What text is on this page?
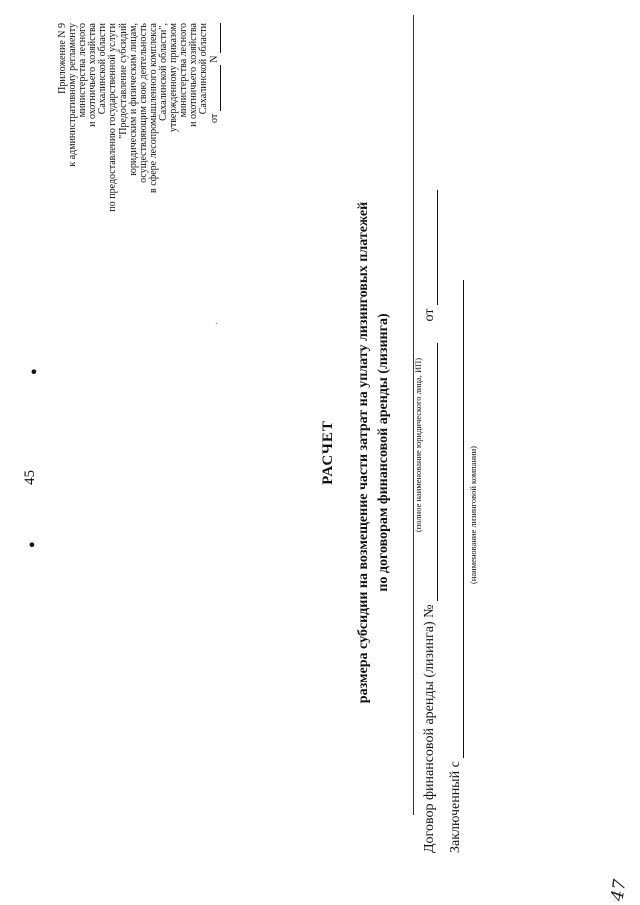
45
●
●
·
Приложение N 9 к административному регламенту министерства лесного и охотничьего хозяйства Сахалинской области по предоставлению государственной услуги "Предоставление субсидий юридическим и физическим лицам, осуществляющим свою деятельность в сфере лесопромышленного комплекса Сахалинской области", утвержденному приказом министерства лесного и охотничьего хозяйства Сахалинской области
от  N
РАСЧЕТ размера субсидии на возмещение части затрат на уплату лизинговых платежей по договорам финансовой аренды (лизинга)	(полное наименование юридического лица, ИП)
Договор финансовой аренды (лизинга) №  от
Заключенный с
(наименование лизинговой компании)
47
